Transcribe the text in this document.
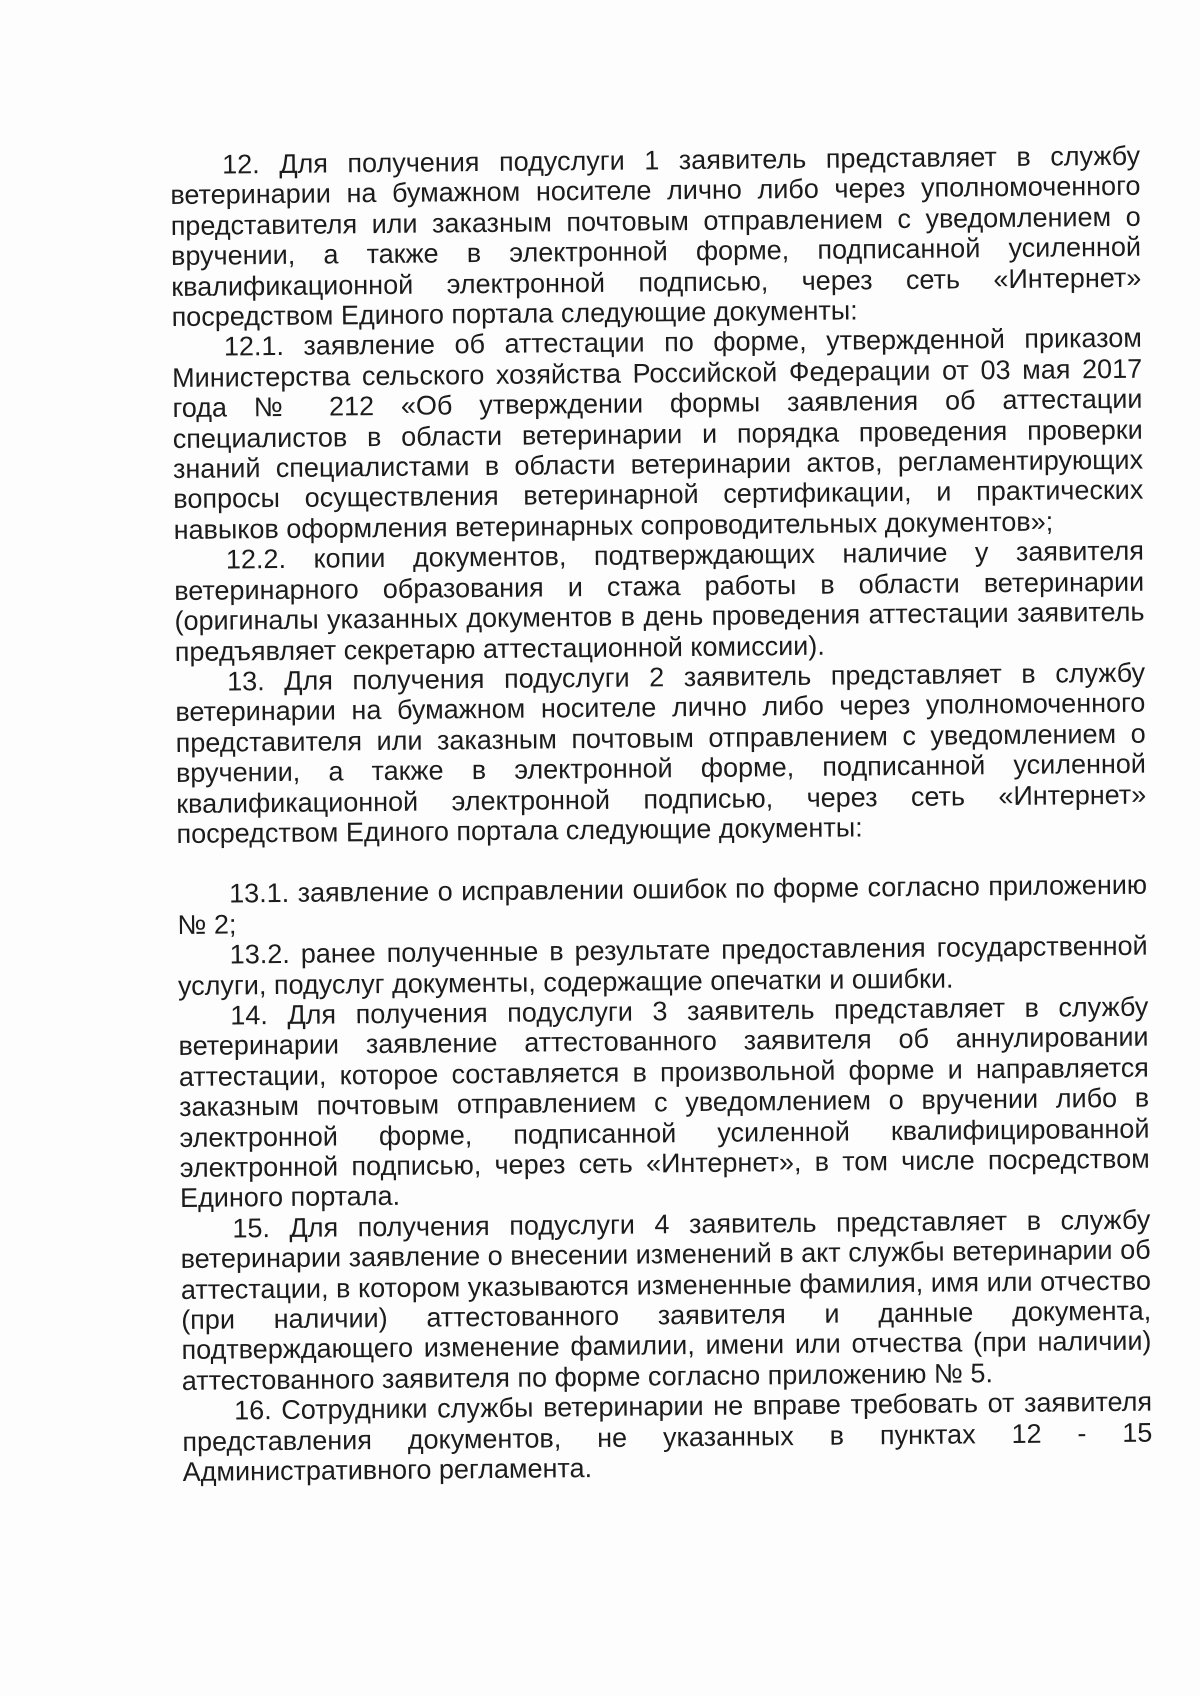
12. Для получения подуслуги 1 заявитель представляет в службу ветеринарии на бумажном носителе лично либо через уполномоченного представителя или заказным почтовым отправлением с уведомлением о вручении, а также в электронной форме, подписанной усиленной квалификационной электронной подписью, через сеть «Интернет» посредством Единого портала следующие документы:

12.1. заявление об аттестации по форме, утвержденной приказом Министерства сельского хозяйства Российской Федерации от 03 мая 2017 года № 212 «Об утверждении формы заявления об аттестации специалистов в области ветеринарии и порядка проведения проверки знаний специалистами в области ветеринарии актов, регламентирующих вопросы осуществления ветеринарной сертификации, и практических навыков оформления ветеринарных сопроводительных документов»;

12.2. копии документов, подтверждающих наличие у заявителя ветеринарного образования и стажа работы в области ветеринарии (оригиналы указанных документов в день проведения аттестации заявитель предъявляет секретарю аттестационной комиссии).

13. Для получения подуслуги 2 заявитель представляет в службу ветеринарии на бумажном носителе лично либо через уполномоченного представителя или заказным почтовым отправлением с уведомлением о вручении, а также в электронной форме, подписанной усиленной квалификационной электронной подписью, через сеть «Интернет» посредством Единого портала следующие документы:

13.1. заявление о исправлении ошибок по форме согласно приложению № 2;

13.2. ранее полученные в результате предоставления государственной услуги, подуслуг документы, содержащие опечатки и ошибки.

14. Для получения подуслуги 3 заявитель представляет в службу ветеринарии заявление аттестованного заявителя об аннулировании аттестации, которое составляется в произвольной форме и направляется заказным почтовым отправлением с уведомлением о вручении либо в электронной форме, подписанной усиленной квалифицированной электронной подписью, через сеть «Интернет», в том числе посредством Единого портала.

15. Для получения подуслуги 4 заявитель представляет в службу ветеринарии заявление о внесении изменений в акт службы ветеринарии об аттестации, в котором указываются измененные фамилия, имя или отчество (при наличии) аттестованного заявителя и данные документа, подтверждающего изменение фамилии, имени или отчества (при наличии) аттестованного заявителя по форме согласно приложению № 5.

16. Сотрудники службы ветеринарии не вправе требовать от заявителя представления документов, не указанных в пунктах 12 - 15 Административного регламента.
